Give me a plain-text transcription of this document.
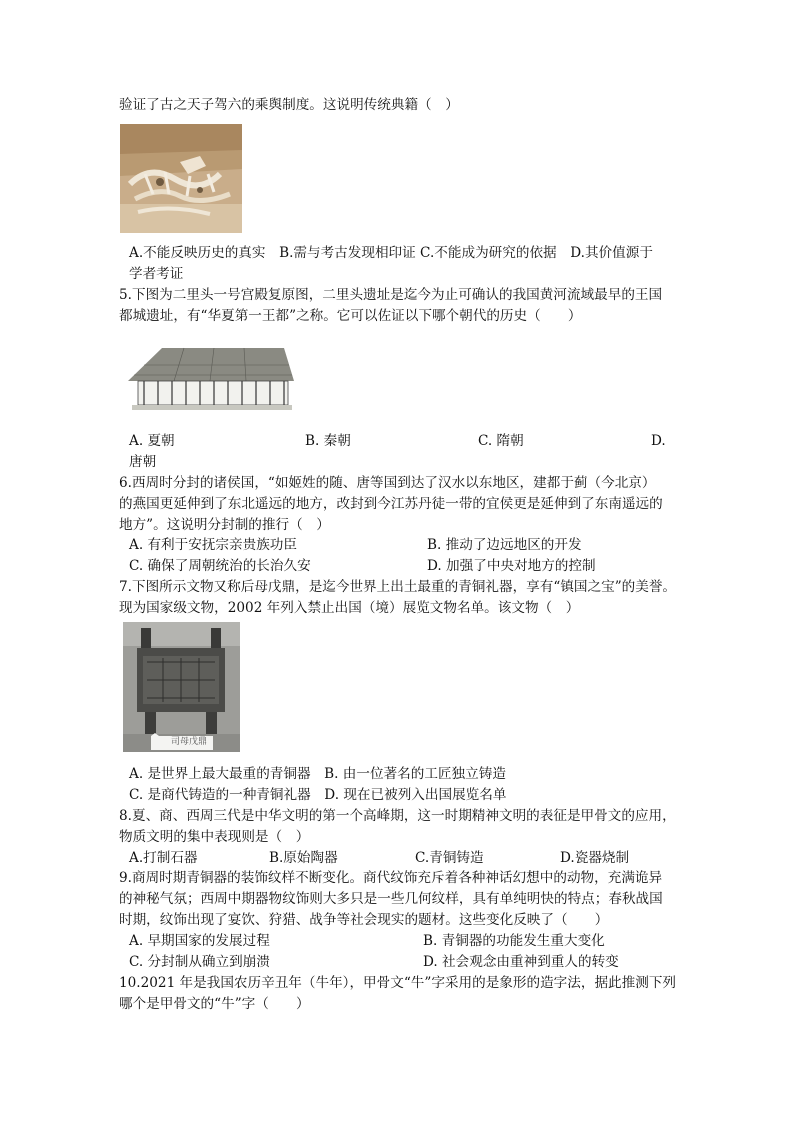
验证了古之天子驾六的乘舆制度。这说明传统典籍（　）
A.不能反映历史的真实　B.需与考古发现相印证 C.不能成为研究的依据　D.其价值源于
学者考证
5.下图为二里头一号宫殿复原图，二里头遗址是迄今为止可确认的我国黄河流域最早的王国
都城遗址，有“华夏第一王都”之称。它可以佐证以下哪个朝代的历史（　　）
A. 夏朝	B. 秦朝	C. 隋朝	D.
唐朝
6.西周时分封的诸侯国，“如姬姓的随、唐等国到达了汉水以东地区，建都于蓟（今北京）
的燕国更延伸到了东北遥远的地方，改封到今江苏丹徒一带的宜侯更是延伸到了东南遥远的
地方”。这说明分封制的推行（　）
A. 有利于安抚宗亲贵族功臣	B. 推动了边远地区的开发
C. 确保了周朝统治的长治久安	D. 加强了中央对地方的控制
7.下图所示文物又称后母戊鼎，是迄今世界上出土最重的青铜礼器，享有“镇国之宝”的美誉。
现为国家级文物，2002 年列入禁止出国（境）展览文物名单。该文物（　）
司母戊鼎
A. 是世界上最大最重的青铜器　B. 由一位著名的工匠独立铸造
C. 是商代铸造的一种青铜礼器　D. 现在已被列入出国展览名单
8.夏、商、西周三代是中华文明的第一个高峰期，这一时期精神文明的表征是甲骨文的应用，
物质文明的集中表现则是（　）
A.打制石器	B.原始陶器	C.青铜铸造	D.瓷器烧制
9.商周时期青铜器的装饰纹样不断变化。商代纹饰充斥着各种神话幻想中的动物，充满诡异
的神秘气氛；西周中期器物纹饰则大多只是一些几何纹样，具有单纯明快的特点；春秋战国
时期，纹饰出现了宴饮、狩猎、战争等社会现实的题材。这些变化反映了（　　）
A. 早期国家的发展过程	B. 青铜器的功能发生重大变化
C. 分封制从确立到崩溃	D. 社会观念由重神到重人的转变
10.2021 年是我国农历辛丑年（牛年），甲骨文“牛”字采用的是象形的造字法，据此推测下列
哪个是甲骨文的“牛”字（　　）
